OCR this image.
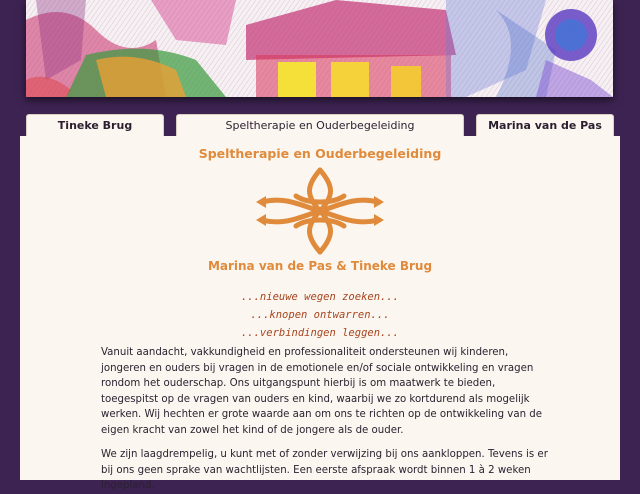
Tineke Brug	Speltherapie en Ouderbegeleiding	Marina van de Pas
Speltherapie en Ouderbegeleiding
Marina van de Pas & Tineke Brug
...nieuwe wegen zoeken...
...knopen ontwarren...
...verbindingen leggen...

Vanuit aandacht, vakkundigheid en professionaliteit ondersteunen wij kinderen, jongeren en ouders bij vragen in de emotionele en/of sociale ontwikkeling en vragen rondom het ouderschap. Ons uitgangspunt hierbij is om maatwerk te bieden, toegespitst op de vragen van ouders en kind, waarbij we zo kortdurend als mogelijk werken. Wij hechten er grote waarde aan om ons te richten op de ontwikkeling van de eigen kracht van zowel het kind of de jongere als de ouder.

We zijn laagdrempelig, u kunt met of zonder verwijzing bij ons aankloppen. Tevens is er bij ons geen sprake van wachtlijsten. Een eerste afspraak wordt binnen 1 à 2 weken ingepland.
